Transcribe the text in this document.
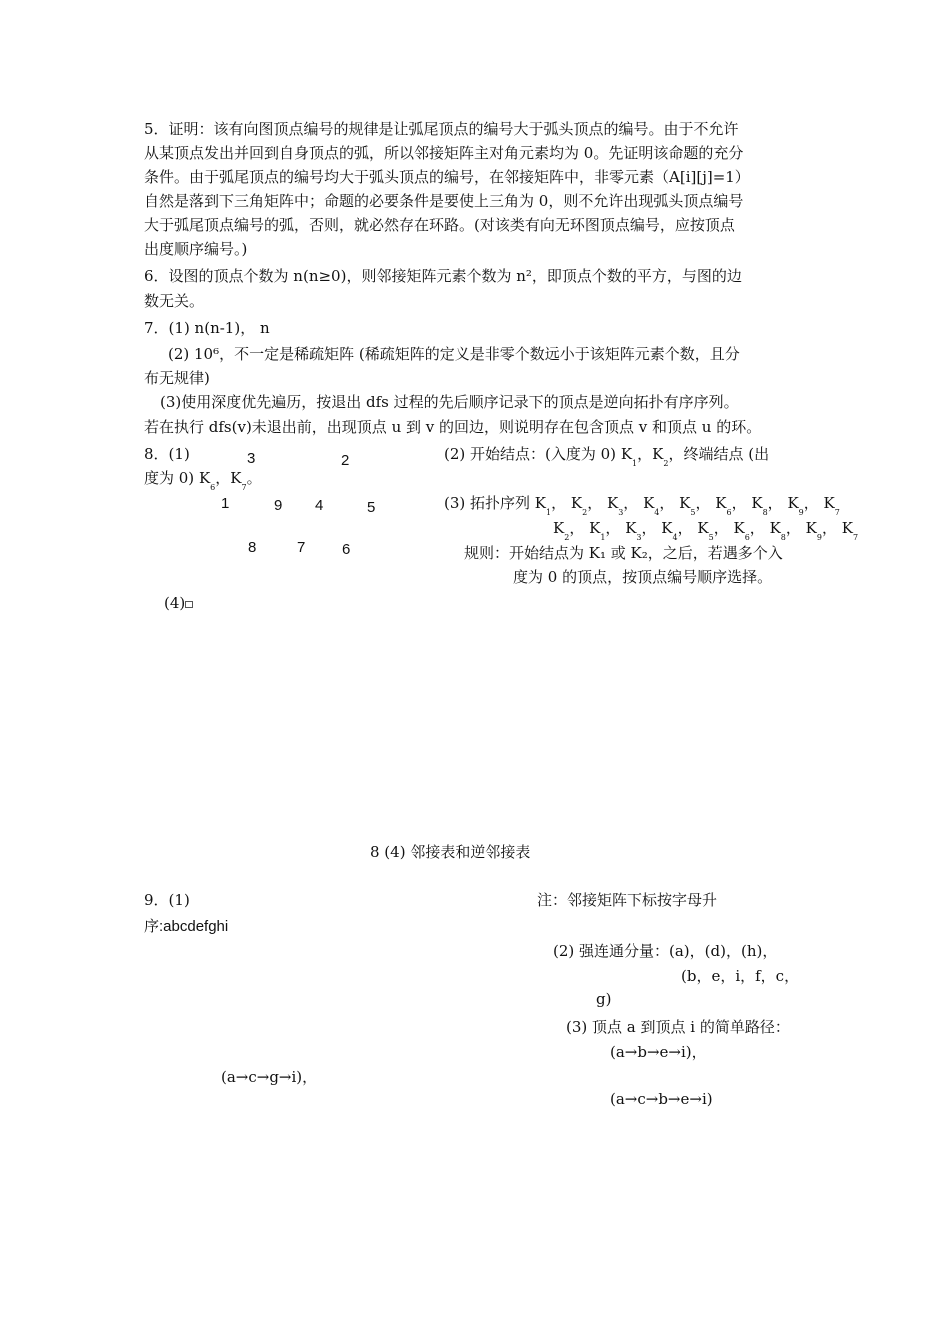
5．证明：该有向图顶点编号的规律是让弧尾顶点的编号大于弧头顶点的编号。由于不允许
从某顶点发出并回到自身顶点的弧，所以邻接矩阵主对角元素均为 0。先证明该命题的充分
条件。由于弧尾顶点的编号均大于弧头顶点的编号，在邻接矩阵中，非零元素（A[i][j]=1）
自然是落到下三角矩阵中；命题的必要条件是要使上三角为 0，则不允许出现弧头顶点编号
大于弧尾顶点编号的弧，否则，就必然存在环路。(对该类有向无环图顶点编号，应按顶点
出度顺序编号。)
6．设图的顶点个数为 n(n≥0)，则邻接矩阵元素个数为 n²，即顶点个数的平方，与图的边
数无关。
7．(1) n(n-1)， n
(2) 10⁶，不一定是稀疏矩阵 (稀疏矩阵的定义是非零个数远小于该矩阵元素个数，且分
布无规律)
(3)使用深度优先遍历，按退出 dfs 过程的先后顺序记录下的顶点是逆向拓扑有序序列。
若在执行 dfs(v)未退出前，出现顶点 u 到 v 的回边，则说明存在包含顶点 v 和顶点 u 的环。
8．(1)	3	2
1	9 4	5
8	7 6
(2) 开始结点：(入度为 0) $K_1$，$K_2$，终端结点 (出
度为 0) $K_6$，$K_7$。
(3) 拓扑序列 $K_1$， $K_2$， $K_3$， $K_4$， $K_5$， $K_6$， $K_8$， $K_9$， $K_7$
$K_2$， $K_1$， $K_3$， $K_4$， $K_5$， $K_6$， $K_8$， $K_9$， $K_7$
规则：开始结点为 K₁ 或 K₂，之后，若遇多个入
度为 0 的顶点，按顶点编号顺序选择。
(4)
8 (4) 邻接表和逆邻接表
9．(1)	注：邻接矩阵下标按字母升
序:abcdefghi
(2) 强连通分量：(a)，(d)，(h)，
(b，e，i，f，c，
g)
(3) 顶点 a 到顶点 i 的简单路径：
(a→b→e→i)，
(a→c→g→i)，
(a→c→b→e→i)
